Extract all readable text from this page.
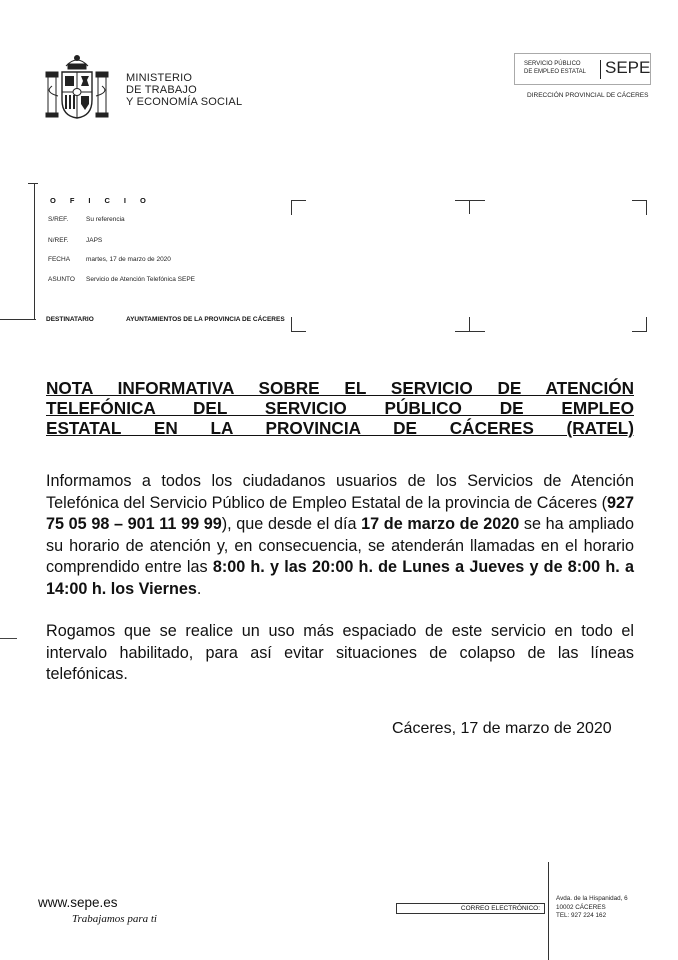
MINISTERIO
DE TRABAJO
Y ECONOMÍA SOCIAL
SERVICIO PÚBLICO
DE EMPLEO ESTATAL SEPE
DIRECCIÓN PROVINCIAL DE CÁCERES
OFICIO
S/REF.	Su referencia
N/REF.	JAPS
FECHA martes, 17 de marzo de 2020
ASUNTO Servicio de Atención Telefónica SEPE
DESTINATARIO	AYUNTAMIENTOS DE LA PROVINCIA DE CÁCERES
NOTA INFORMATIVA SOBRE EL SERVICIO DE ATENCIÓN
TELEFÓNICA DEL SERVICIO PÚBLICO DE EMPLEO
ESTATAL EN LA PROVINCIA DE CÁCERES (RATEL)
Informamos a todos los ciudadanos usuarios de los Servicios de Atención Telefónica del Servicio Público de Empleo Estatal de la provincia de Cáceres (927 75 05 98 – 901 11 99 99), que desde el día 17 de marzo de 2020 se ha ampliado su horario de atención y, en consecuencia, se atenderán llamadas en el horario comprendido entre las 8:00 h. y las 20:00 h. de Lunes a Jueves y de 8:00 h. a 14:00 h. los Viernes.
Rogamos que se realice un uso más espaciado de este servicio en todo el intervalo habilitado, para así evitar situaciones de colapso de las líneas telefónicas.
Cáceres, 17 de marzo de 2020
www.sepe.es
Trabajamos para ti
CORREO ELECTRÓNICO:
Avda. de la Hispanidad, 6
10002 CÁCERES
TEL: 927 224 162
